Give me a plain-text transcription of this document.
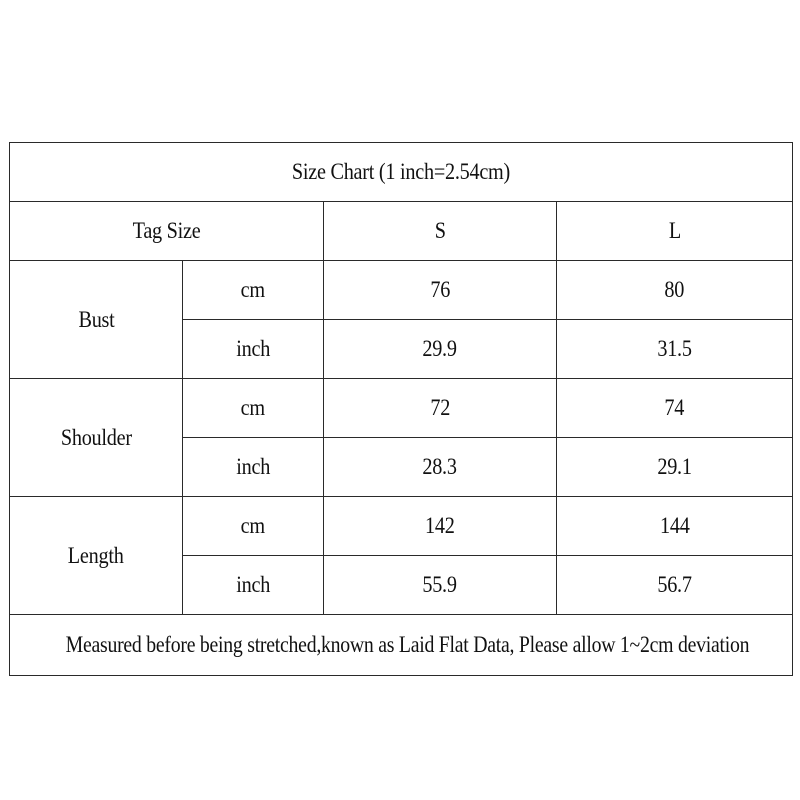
Size Chart (1 inch=2.54cm)			
Tag Size		S	L
Bust	cm	76	80
	inch	29.9	31.5
Shoulder	cm	72	74
	inch	28.3	29.1
Length	cm	142	144
	inch	55.9	56.7
Measured before being stretched,known as Laid Flat Data, Please allow 1~2cm deviation			
